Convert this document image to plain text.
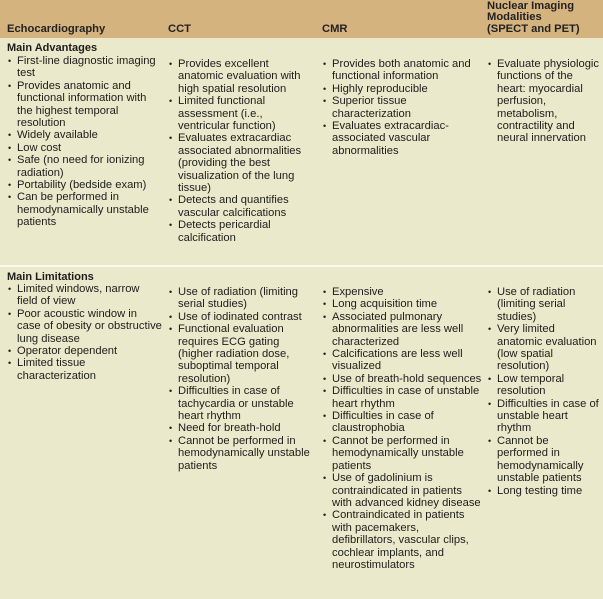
Echocardiography	CCT	CMR
Nuclear Imaging
Modalities
(SPECT and PET)
Main Advantages
• First-line diagnostic imaging test
• Provides anatomic and functional information with the highest temporal resolution
• Widely available
• Low cost
• Safe (no need for ionizing radiation)
• Portability (bedside exam)
• Can be performed in hemodynamically unstable patients
• Provides excellent anatomic evaluation with high spatial resolution
• Limited functional assessment (i.e., ventricular function)
• Evaluates extracardiac associated abnormalities (providing the best visualization of the lung tissue)
• Detects and quantifies vascular calcifications
• Detects pericardial calcification
• Provides both anatomic and functional information
• Highly reproducible
• Superior tissue characterization
• Evaluates extracardiac-associated vascular abnormalities
• Evaluate physiologic functions of the heart: myocardial perfusion, metabolism, contractility and neural innervation
Main Limitations
• Limited windows, narrow field of view
• Poor acoustic window in case of obesity or obstructive lung disease
• Operator dependent
• Limited tissue characterization
• Use of radiation (limiting serial studies)
• Use of iodinated contrast
• Functional evaluation requires ECG gating (higher radiation dose, suboptimal temporal resolution)
• Difficulties in case of tachycardia or unstable heart rhythm
• Need for breath-hold
• Cannot be performed in hemodynamically unstable patients
• Expensive
• Long acquisition time
• Associated pulmonary abnormalities are less well characterized
• Calcifications are less well visualized
• Use of breath-hold sequences
• Difficulties in case of unstable heart rhythm
• Difficulties in case of claustrophobia
• Cannot be performed in hemodynamically unstable patients
• Use of gadolinium is contraindicated in patients with advanced kidney disease
• Contraindicated in patients with pacemakers, defibrillators, vascular clips, cochlear implants, and neurostimulators
• Use of radiation (limiting serial studies)
• Very limited anatomic evaluation (low spatial resolution)
• Low temporal resolution
• Difficulties in case of unstable heart rhythm
• Cannot be performed in hemodynamically unstable patients
• Long testing time
